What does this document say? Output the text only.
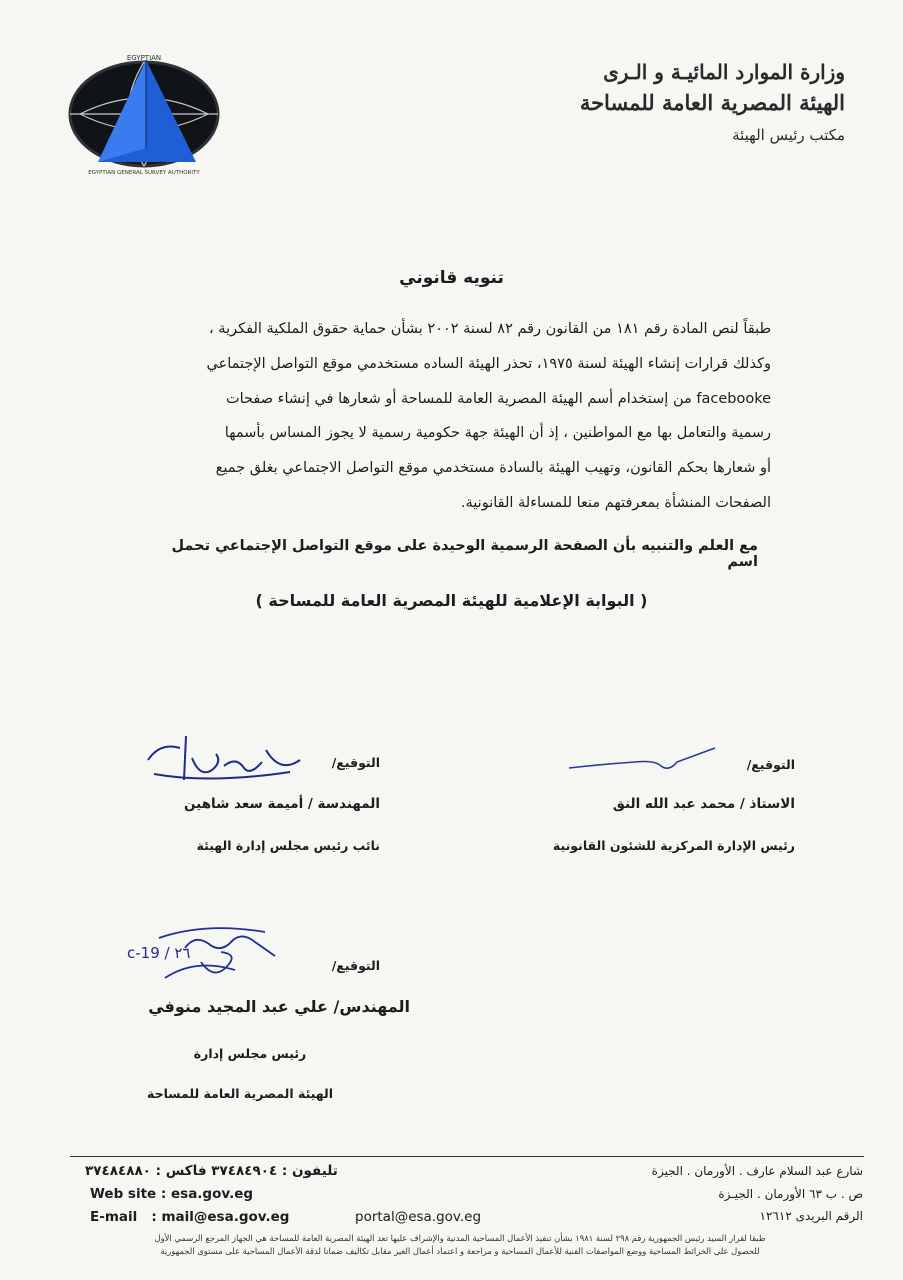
EGYPTIAN
EGYPTIAN GENERAL SURVEY AUTHORITY
وزارة الموارد المائيـة و الـرى
الهيئة المصرية العامة للمساحة
مكتب رئيس الهيئة
تنويه قانوني
طبقاً لنص المادة رقم ١٨١ من القانون رقم ٨٢ لسنة ٢٠٠٢ بشأن حماية حقوق الملكية الفكرية ،
وكذلك قرارات إنشاء الهيئة لسنة ١٩٧٥، تحذر الهيئة الساده مستخدمي موقع التواصل الإجتماعي
facebooke من إستخدام أسم الهيئة المصرية العامة للمساحة أو شعارها في إنشاء صفحات
رسمية والتعامل بها مع المواطنين ، إذ أن الهيئة جهة حكومية رسمية لا يجوز المساس بأسمها
أو شعارها بحكم القانون، وتهيب الهيئة بالسادة مستخدمي موقع التواصل الاجتماعي بغلق جميع
الصفحات المنشأة بمعرفتهم منعا للمساءلة القانونية.
مع العلم والتنبيه بأن الصفحة الرسمية الوحيدة على موقع التواصل الإجتماعي تحمل اسم
( البوابة الإعلامية للهيئة المصرية العامة للمساحة )
التوقيع/
المهندسة / أميمة سعد شاهين
نائب رئيس مجلس إدارة الهيئة
التوقيع/
الاستاذ / محمد عبد الله النق
رئيس الإدارة المركزية للشئون القانونية
c-19 / ٢٦
التوقيع/
المهندس/ علي عبد المجيد منوفي
رئيس مجلس إدارة
الهيئة المصرية العامة للمساحة
تليفون : ٣٧٤٨٤٩٠٤ فاكس : ٣٧٤٨٤٨٨٠
Web site : esa.gov.eg
E-mail   : mail@esa.gov.eg	portal@esa.gov.eg
شارع عبد السلام عارف . الأورمان . الجيزة
ص . ب ٦٣ الأورمان . الجيـزة
الرقم البريدى ١٢٦١٢
طبقا لقرار السيد رئيس الجمهورية رقم ٢٩٨ لسنة ١٩٨١ بشأن تنفيذ الأعمال المساحية المدنية والإشراف عليها تعد الهيئة المصرية العامة للمساحة هي الجهاز المرجع الرسمي الأول
للحصول على الخرائط المساحية ووضع المواصفات الفنية للأعمال المساحية و مراجعة و اعتماد أعمال الغير مقابل تكاليف ضمانا لدقة الأعمال المساحية على مستوى الجمهورية
